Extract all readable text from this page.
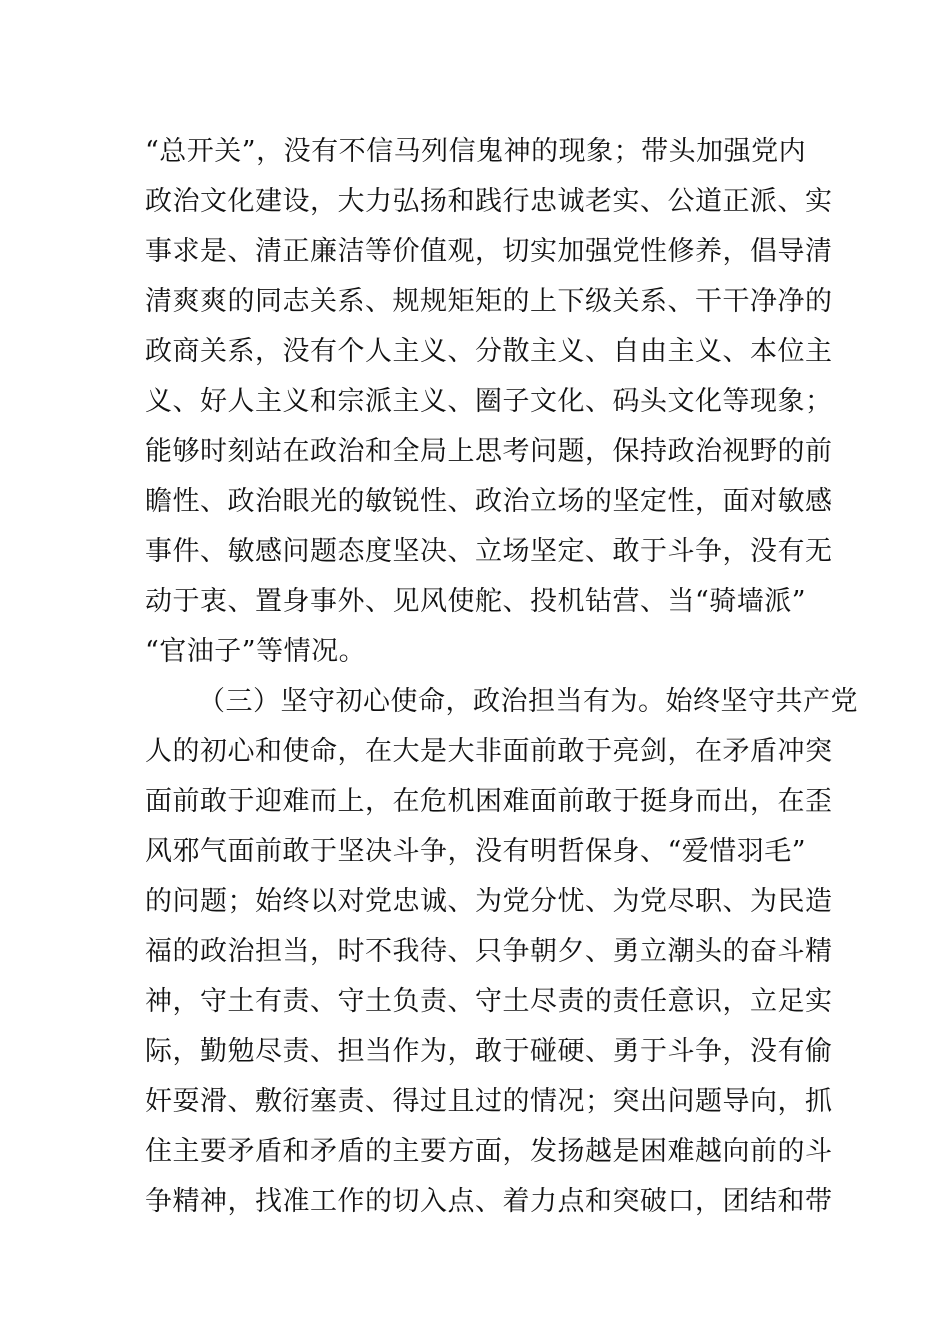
“总开关”，没有不信马列信鬼神的现象；带头加强党内
政治文化建设，大力弘扬和践行忠诚老实、公道正派、实
事求是、清正廉洁等价值观，切实加强党性修养，倡导清
清爽爽的同志关系、规规矩矩的上下级关系、干干净净的
政商关系，没有个人主义、分散主义、自由主义、本位主
义、好人主义和宗派主义、圈子文化、码头文化等现象；
能够时刻站在政治和全局上思考问题，保持政治视野的前
瞻性、政治眼光的敏锐性、政治立场的坚定性，面对敏感
事件、敏感问题态度坚决、立场坚定、敢于斗争，没有无
动于衷、置身事外、见风使舵、投机钻营、当“骑墙派”
“官油子”等情况。
（三）坚守初心使命，政治担当有为。始终坚守共产党
人的初心和使命，在大是大非面前敢于亮剑，在矛盾冲突
面前敢于迎难而上，在危机困难面前敢于挺身而出，在歪
风邪气面前敢于坚决斗争，没有明哲保身、“爱惜羽毛”
的问题；始终以对党忠诚、为党分忧、为党尽职、为民造
福的政治担当，时不我待、只争朝夕、勇立潮头的奋斗精
神，守土有责、守土负责、守土尽责的责任意识，立足实
际，勤勉尽责、担当作为，敢于碰硬、勇于斗争，没有偷
奸耍滑、敷衍塞责、得过且过的情况；突出问题导向，抓
住主要矛盾和矛盾的主要方面，发扬越是困难越向前的斗
争精神，找准工作的切入点、着力点和突破口，团结和带
